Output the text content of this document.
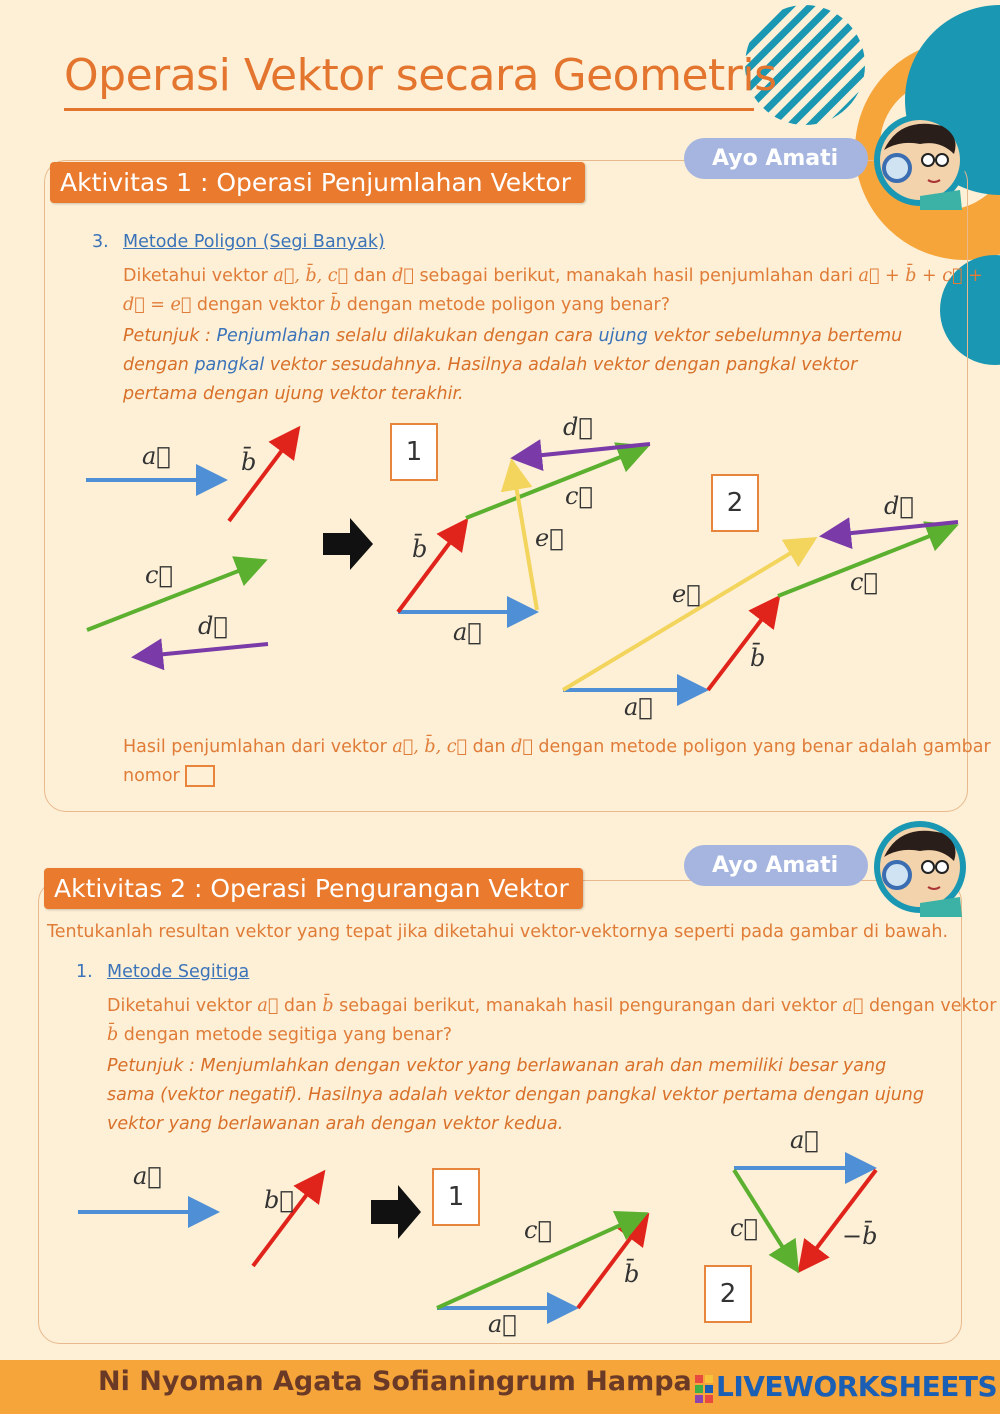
Operasi Vektor secara Geometris
Ayo Amati
Aktivitas 1 : Operasi Penjumlahan Vektor
3. Metode Poligon (Segi Banyak)
Diketahui vektor a⃗, b̄, c⃗ dan d⃗ sebagai berikut, manakah hasil penjumlahan dari a⃗ + b̄ + c⃗ +
d⃗ = e⃗ dengan vektor b̄ dengan metode poligon yang benar?
Petunjuk : Penjumlahan selalu dilakukan dengan cara ujung vektor sebelumnya bertemu
dengan pangkal vektor sesudahnya. Hasilnya adalah vektor dengan pangkal vektor
pertama dengan ujung vektor terakhir.
a⃗	b̄
c⃗
d⃗
1
d⃗
c⃗
e⃗
b̄
a⃗
2	d⃗
c⃗
e⃗
b̄
a⃗
Hasil penjumlahan dari vektor a⃗, b̄, c⃗ dan d⃗ dengan metode poligon yang benar adalah gambar
nomor
Ayo Amati
Aktivitas 2 : Operasi Pengurangan Vektor
Tentukanlah resultan vektor yang tepat jika diketahui vektor-vektornya seperti pada gambar di bawah.
1. Metode Segitiga
Diketahui vektor a⃗ dan b̄ sebagai berikut, manakah hasil pengurangan dari vektor a⃗ dengan vektor
b̄ dengan metode segitiga yang benar?
Petunjuk : Menjumlahkan dengan vektor yang berlawanan arah dan memiliki besar yang
sama (vektor negatif). Hasilnya adalah vektor dengan pangkal vektor pertama dengan ujung
vektor yang berlawanan arah dengan vektor kedua.
a⃗
b⃗	1
c⃗
b̄
a⃗
a⃗
c⃗	−b̄
2
Ni Nyoman Agata Sofianingrum Hampa LIVEWORKSHEETS
